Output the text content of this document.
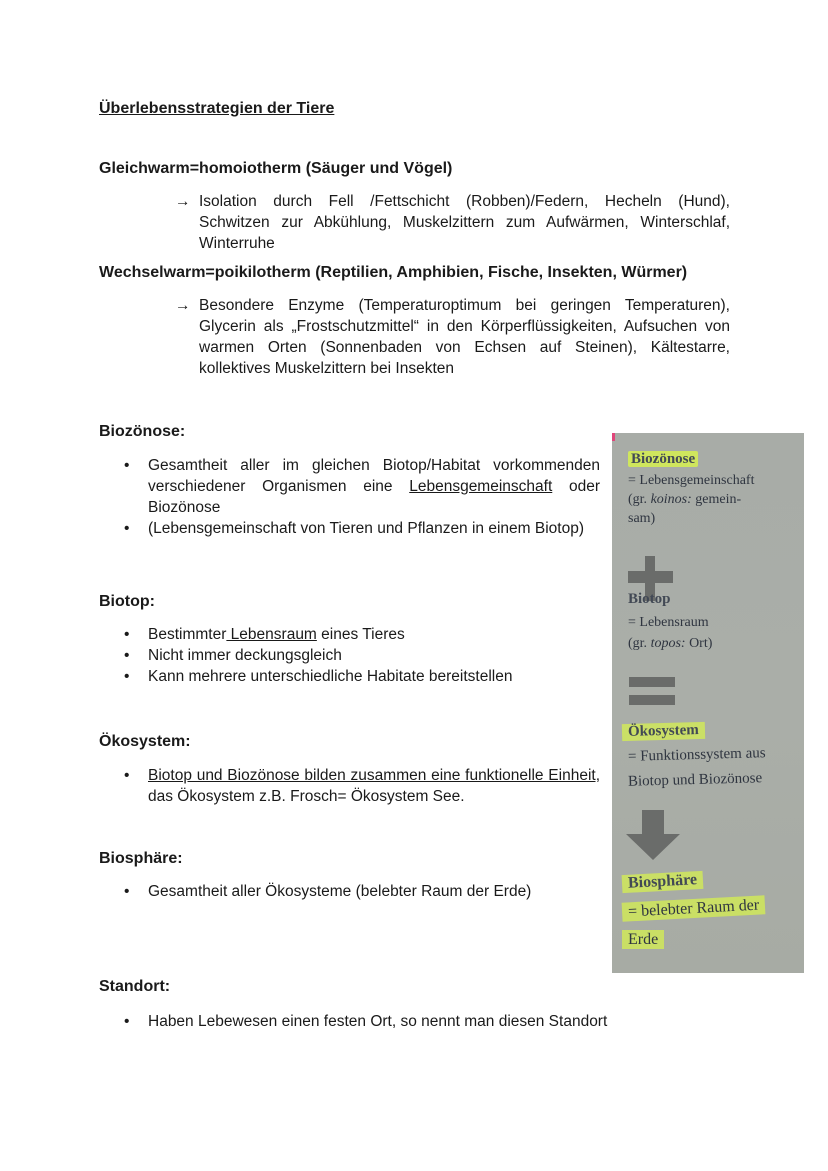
Überlebensstrategien der Tiere
Gleichwarm=homoiotherm (Säuger und Vögel)
→ Isolation durch Fell /Fettschicht (Robben)/Federn, Hecheln (Hund), Schwitzen zur Abkühlung, Muskelzittern zum Aufwärmen, Winterschlaf, Winterruhe

Wechselwarm=poikilotherm (Reptilien, Amphibien, Fische, Insekten, Würmer)
→ Besondere Enzyme (Temperaturoptimum bei geringen Temperaturen), Glycerin als „Frostschutzmittel“ in den Körperflüssigkeiten, Aufsuchen von warmen Orten (Sonnenbaden von Echsen auf Steinen), Kältestarre, kollektives Muskelzittern bei Insekten

Biozönose:
• Gesamtheit aller im gleichen Biotop/Habitat vorkommenden verschiedener Organismen eine Lebensgemeinschaft oder Biozönose
• (Lebensgemeinschaft von Tieren und Pflanzen in einem Biotop)
Biotop:
• Bestimmter Lebensraum eines Tieres
• Nicht immer deckungsgleich
• Kann mehrere unterschiedliche Habitate bereitstellen
Ökosystem:
• Biotop und Biozönose bilden zusammen eine funktionelle Einheit, das Ökosystem z.B. Frosch= Ökosystem See.
Biosphäre:
• Gesamtheit aller Ökosysteme (belebter Raum der Erde)
Standort:
• Haben Lebewesen einen festen Ort, so nennt man diesen Standort
Biozönose
= Lebensgemeinschaft
(gr. koinos: gemein-
sam)
Biotop
= Lebensraum
(gr. topos: Ort)
Ökosystem
= Funktionssystem aus
Biotop und Biozönose
Biosphäre
= belebter Raum der
Erde
